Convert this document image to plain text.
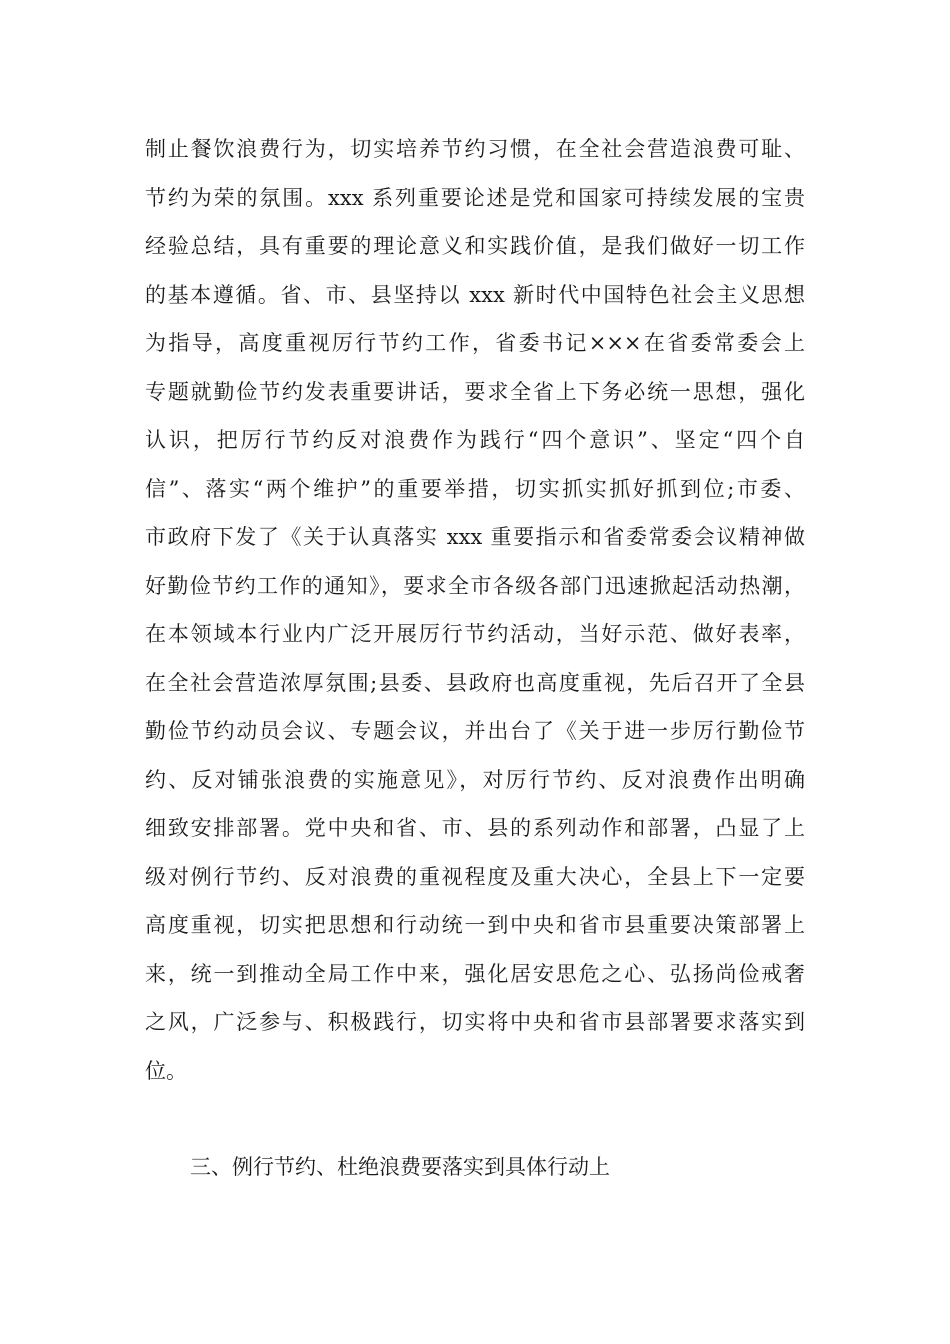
制止餐饮浪费行为，切实培养节约习惯，在全社会营造浪费可耻、
节约为荣的氛围。xxx 系列重要论述是党和国家可持续发展的宝贵
经验总结，具有重要的理论意义和实践价值，是我们做好一切工作
的基本遵循。省、市、县坚持以 xxx 新时代中国特色社会主义思想
为指导，高度重视厉行节约工作，省委书记×××在省委常委会上
专题就勤俭节约发表重要讲话，要求全省上下务必统一思想，强化
认识，把厉行节约反对浪费作为践行“四个意识”、坚定“四个自
信”、落实“两个维护”的重要举措，切实抓实抓好抓到位;市委、
市政府下发了《关于认真落实 xxx 重要指示和省委常委会议精神做
好勤俭节约工作的通知》，要求全市各级各部门迅速掀起活动热潮，
在本领域本行业内广泛开展厉行节约活动，当好示范、做好表率，
在全社会营造浓厚氛围;县委、县政府也高度重视，先后召开了全县
勤俭节约动员会议、专题会议，并出台了《关于进一步厉行勤俭节
约、反对铺张浪费的实施意见》，对厉行节约、反对浪费作出明确
细致安排部署。党中央和省、市、县的系列动作和部署，凸显了上
级对例行节约、反对浪费的重视程度及重大决心，全县上下一定要
高度重视，切实把思想和行动统一到中央和省市县重要决策部署上
来，统一到推动全局工作中来，强化居安思危之心、弘扬尚俭戒奢
之风，广泛参与、积极践行，切实将中央和省市县部署要求落实到
位。
三、例行节约、杜绝浪费要落实到具体行动上
